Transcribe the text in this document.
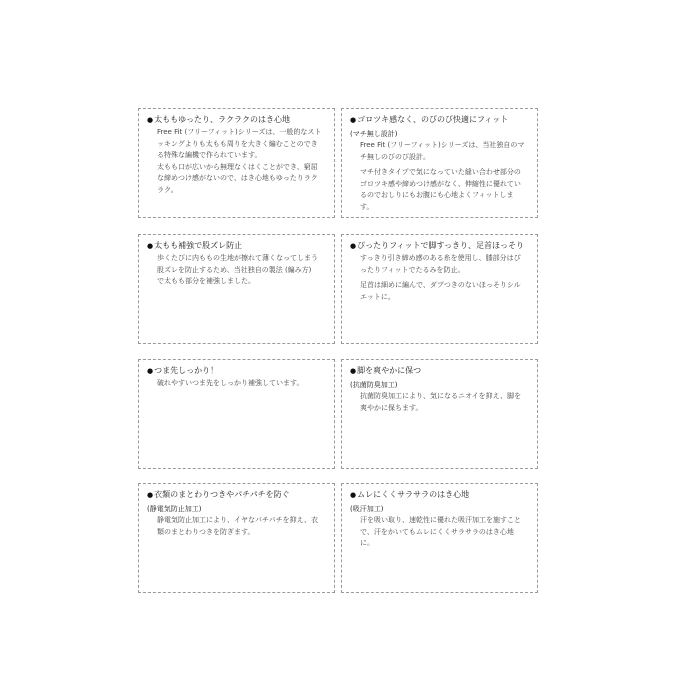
●太ももゆったり、ラクラクのはき心地
Free Fit (フリーフィット)シリーズは、一般的なスト
ッキングよりも太もも周りを大きく編むことのでき
る特殊な編機で作られています。
太もも口が広いから無理なくはくことができ、窮屈
な締めつけ感がないので、はき心地もゆったりラク
ラク。
●ゴロツキ感なく、のびのび快適にフィット
(マチ無し設計)
Free Fit (フリーフィット)シリーズは、当社独自のマ
チ無しのびのび設計。
マチ付きタイプで気になっていた縫い合わせ部分の
ゴロツキ感や締めつけ感がなく、伸縮性に優れてい
るのでおしりにもお腹にも心地よくフィットしま
す。
●太もも補強で股ズレ防止
歩くたびに内ももの生地が擦れて薄くなってしまう
股ズレを防止するため、当社独自の製法 (編み方)
で太もも部分を補強しました。
●ぴったりフィットで脚すっきり、足首ほっそり
すっきり引き締め感のある糸を使用し、膝部分はぴ
ったりフィットでたるみを防止。
足首は細めに編んで、ダブつきのないほっそりシル
エットに。
●つま先しっかり！
破れやすいつま先をしっかり補強しています。
●脚を爽やかに保つ
(抗菌防臭加工)
抗菌防臭加工により、気になるニオイを抑え、脚を
爽やかに保ちます。
●衣類のまとわりつきやパチパチを防ぐ
(静電気防止加工)
静電気防止加工により、イヤなパチパチを抑え、衣
類のまとわりつきを防ぎます。
●ムレにくくサラサラのはき心地
(吸汗加工)
汗を吸い取り、速乾性に優れた吸汗加工を施すこと
で、汗をかいてもムレにくくサラサラのはき心地
に。
